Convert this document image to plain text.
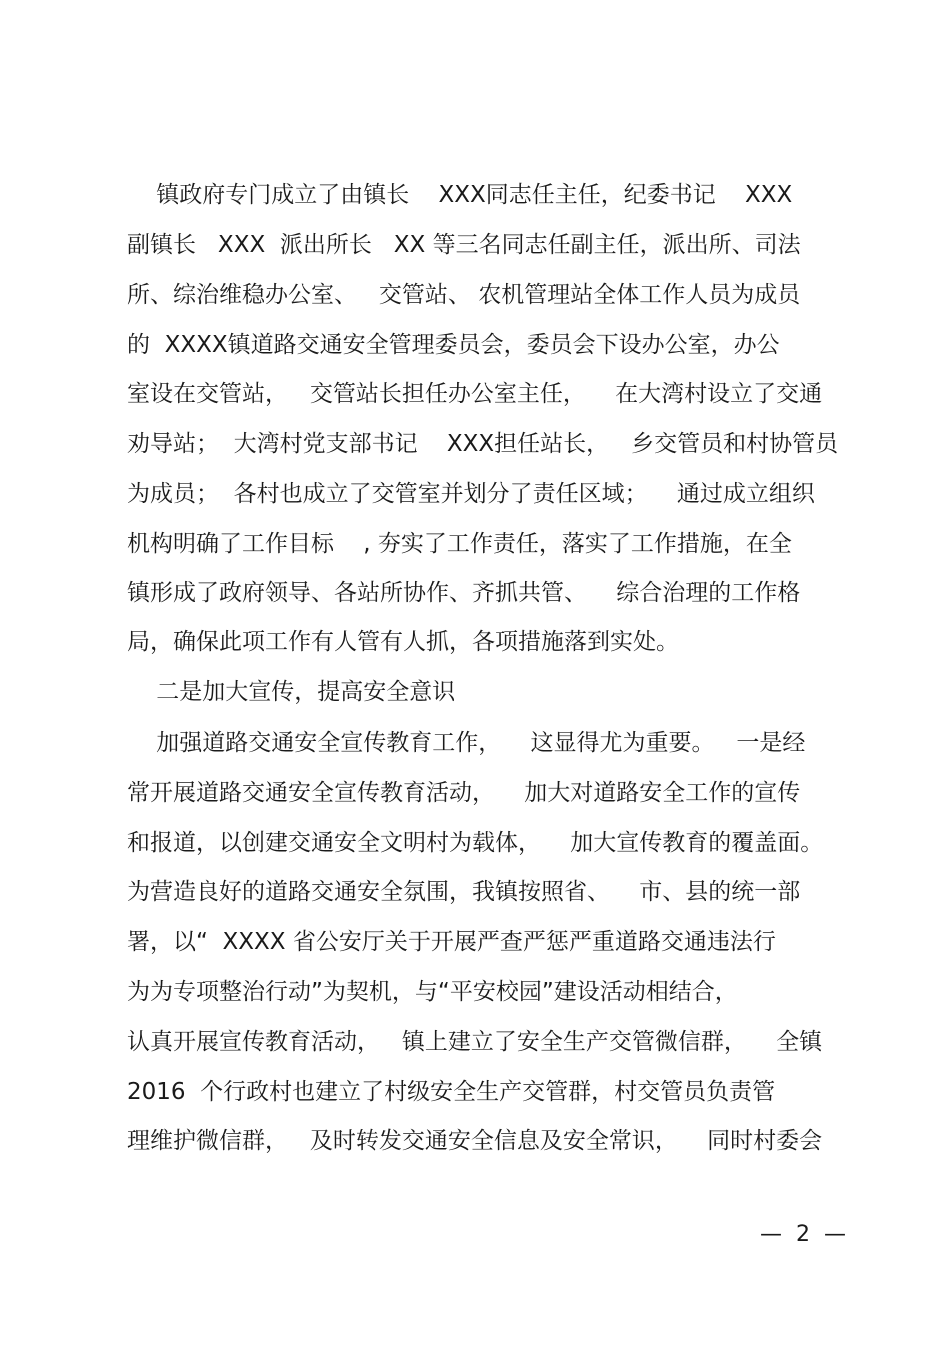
镇政府专门成立了由镇长    XXX同志任主任，纪委书记    XXX
副镇长   XXX  派出所长   XX 等三名同志任副主任，派出所、司法
所、综治维稳办公室、   交管站、 农机管理站全体工作人员为成员
的  XXXX镇道路交通安全管理委员会，委员会下设办公室，办公
室设在交管站，   交管站长担任办公室主任，    在大湾村设立了交通
劝导站；  大湾村党支部书记    XXX担任站长，   乡交管员和村协管员
为成员；  各村也成立了交管室并划分了责任区域；    通过成立组织
机构明确了工作目标    , 夯实了工作责任，落实了工作措施，在全
镇形成了政府领导、各站所协作、齐抓共管、    综合治理的工作格
局，确保此项工作有人管有人抓，各项措施落到实处。
二是加大宣传，提高安全意识
加强道路交通安全宣传教育工作，    这显得尤为重要。   一是经
常开展道路交通安全宣传教育活动，    加大对道路安全工作的宣传
和报道，以创建交通安全文明村为载体，    加大宣传教育的覆盖面。
为营造良好的道路交通安全氛围，我镇按照省、    市、县的统一部
署，以“  XXXX 省公安厅关于开展严查严惩严重道路交通违法行
为为专项整治行动”为契机，与“平安校园”建设活动相结合，
认真开展宣传教育活动，   镇上建立了安全生产交管微信群，    全镇
2016  个行政村也建立了村级安全生产交管群，村交管员负责管
理维护微信群，   及时转发交通安全信息及安全常识，    同时村委会
—  2  —
